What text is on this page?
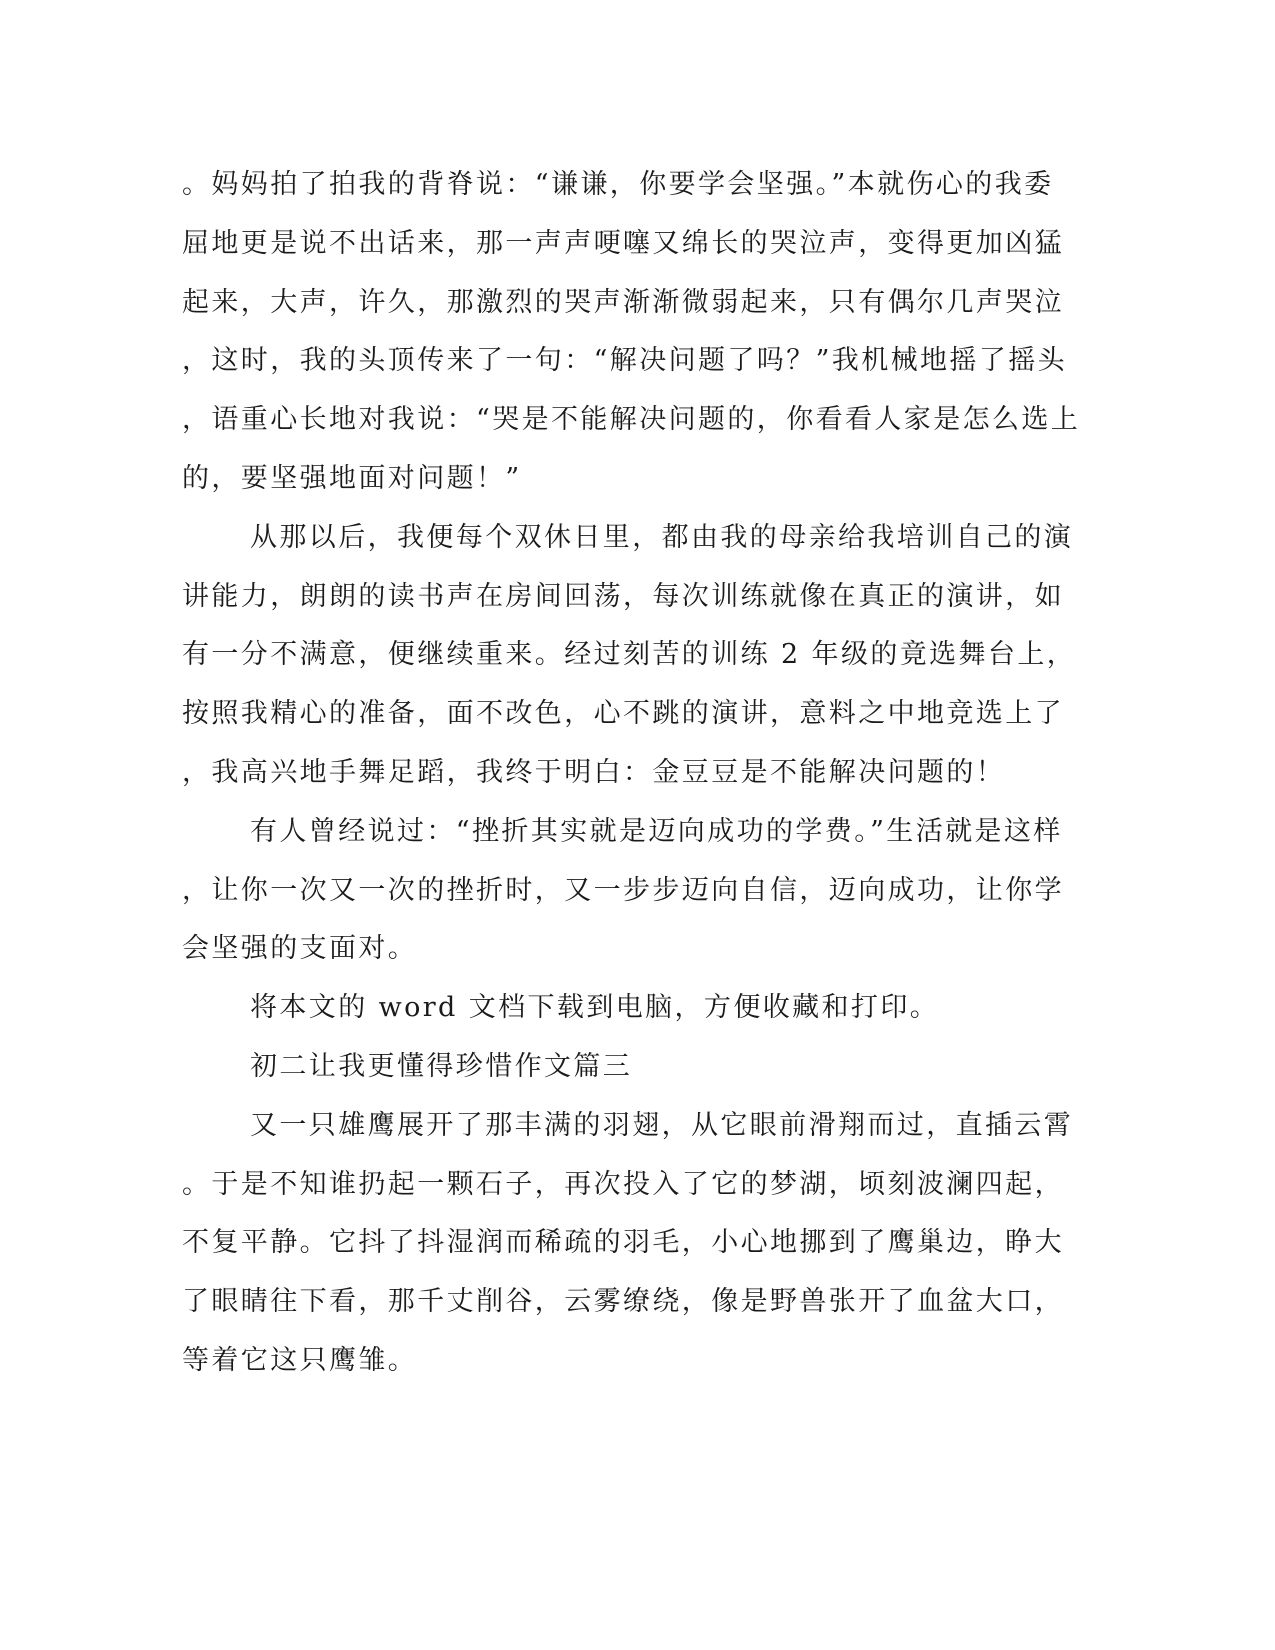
。妈妈拍了拍我的背脊说：“谦谦，你要学会坚强。”本就伤心的我委
屈地更是说不出话来，那一声声哽噻又绵长的哭泣声，变得更加凶猛
起来，大声，许久，那激烈的哭声渐渐微弱起来，只有偶尔几声哭泣
，这时，我的头顶传来了一句：“解决问题了吗？”我机械地摇了摇头
，语重心长地对我说：“哭是不能解决问题的，你看看人家是怎么选上
的，要坚强地面对问题！”

从那以后，我便每个双休日里，都由我的母亲给我培训自己的演
讲能力，朗朗的读书声在房间回荡，每次训练就像在真正的演讲，如
有一分不满意，便继续重来。经过刻苦的训练 2 年级的竟选舞台上，
按照我精心的准备，面不改色，心不跳的演讲，意料之中地竞选上了
，我高兴地手舞足蹈，我终于明白：金豆豆是不能解决问题的！

有人曾经说过：“挫折其实就是迈向成功的学费。”生活就是这样
，让你一次又一次的挫折时，又一步步迈向自信，迈向成功，让你学
会坚强的支面对。

将本文的 word 文档下载到电脑，方便收藏和打印。

初二让我更懂得珍惜作文篇三

又一只雄鹰展开了那丰满的羽翅，从它眼前滑翔而过，直插云霄
。于是不知谁扔起一颗石子，再次投入了它的梦湖，顷刻波澜四起，
不复平静。它抖了抖湿润而稀疏的羽毛，小心地挪到了鹰巢边，睁大
了眼睛往下看，那千丈削谷，云雾缭绕，像是野兽张开了血盆大口，
等着它这只鹰雏。
